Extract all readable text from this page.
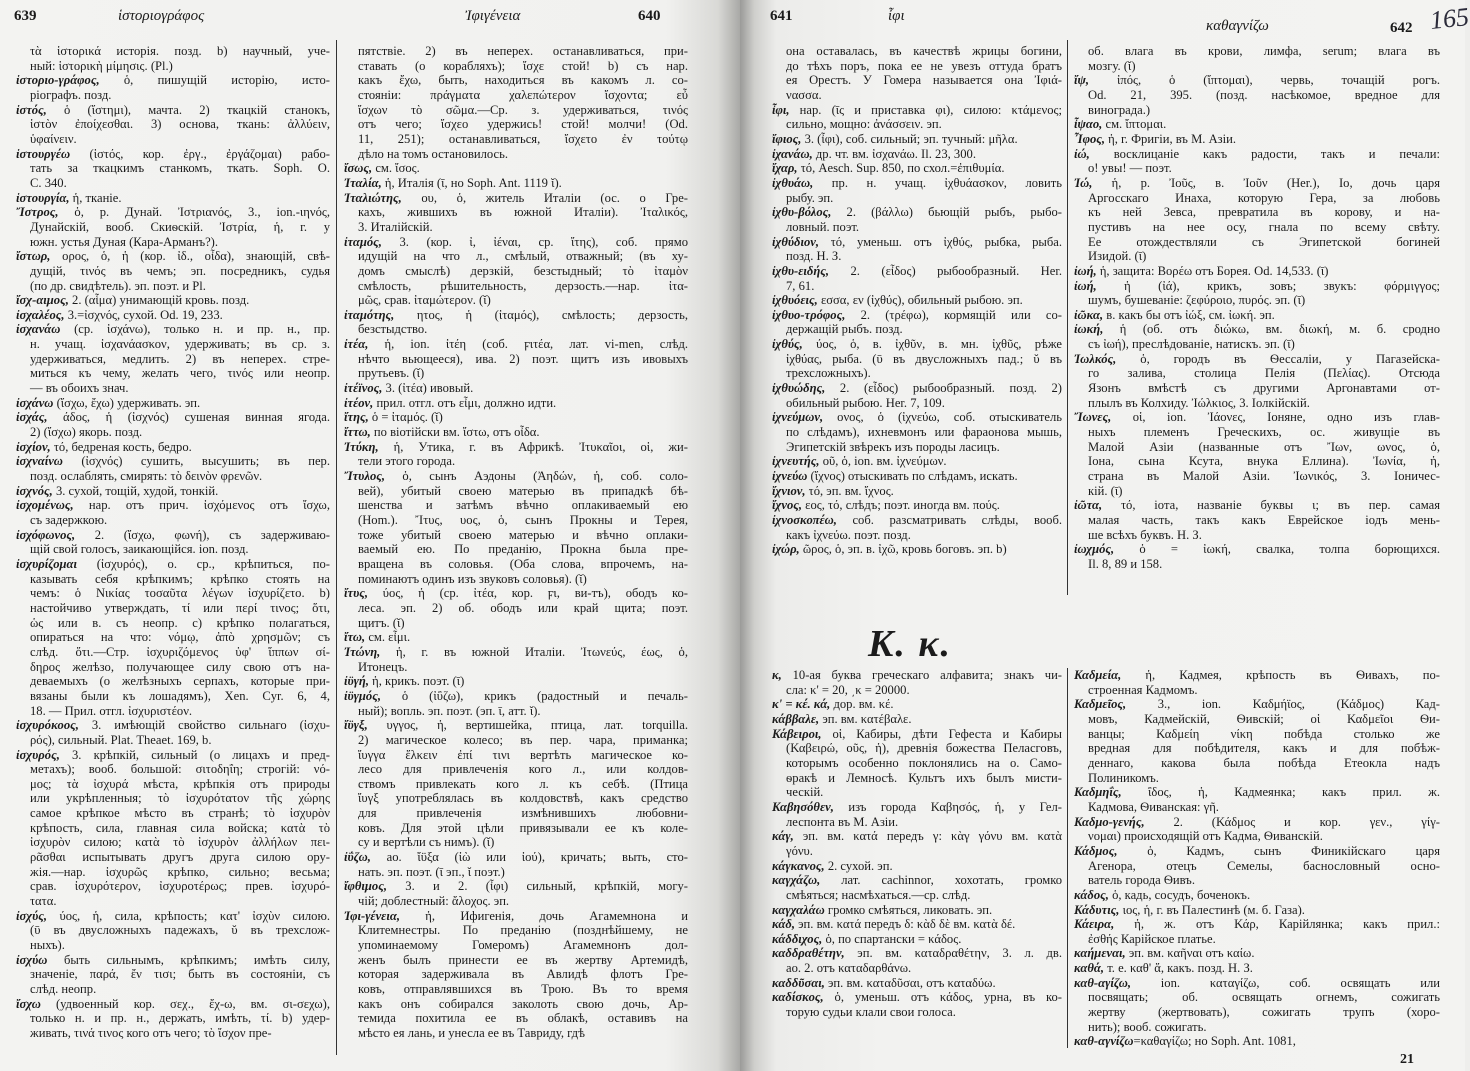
639	ἱστοριογράφος	Ἰφιγένεια	640	641	ἶφι
καθαγνίζω	642 165
τὰ ἱστορικά исторія. позд. b) научный, уче-
ный: ἱστορικὴ μίμησις. (Pl.)
ἱστοριο-γράφος, ὁ, пишущій исторію, исто-
ріографъ. позд.
ἱστός, ὁ (ἵστημι), мачта. 2) ткацкій станокъ,
ἱστὸν ἐποίχεσθαι. 3) основа, ткань: ἀλλύειν,
ὑφαίνειν.
ἱστουργέω (ἱστός, кор. ἐργ., ἐργάζομαι) рабо-
тать за ткацкимъ станкомъ, ткать. Soph. O.
C. 340.
ἱστουργία, ἡ, тканіе.
Ἴστρος, ὁ, р. Дунай. Ἰστριανός, 3., ion.-ιηνός,
Дунайскій, вооб. Скиѳскій. Ἰστρία, ἡ, г. у
южн. устья Дуная (Кара-Арманъ?).
ἴστωρ, ορος, ὁ, ἡ (кор. ἰδ., οἶδα), знающій, свѣ-
дущій, τινός въ чемъ; эп. посредникъ, судья
(по др. свидѣтель). эп. поэт. и Pl.
ἴσχ-αιμος, 2. (αἷμα) унимающій кровь. позд.
ἰσχαλέος, 3.=ἰσχνός, сухой. Od. 19, 233.
ἰσχανάω (ср. ἰσχάνω), только н. и пр. н., пр.
н. учащ. ἰσχανάασκον, удерживать; въ ср. з.
удерживаться, медлить. 2) въ неперех. стре-
миться къ чему, желать чего, τινός или неопр.
— въ обоихъ знач.
ἰσχάνω (ἴσχω, ἔχω) удерживать. эп.
ἰσχάς, άδος, ἡ (ἰσχνός) сушеная винная ягода.
2) (ἴσχω) якорь. позд.
ἰσχίον, τό, бедреная кость, бедро.
ἰσχναίνω (ἰσχνός) сушить, высушить; въ пер.
позд. ослаблять, смирять: τὸ δεινὸν φρενῶν.
ἰσχνός, 3. сухой, тощій, худой, тонкій.
ἰσχομένως, нар. отъ прич. ἰσχόμενος отъ ἴσχω,
съ задержкою.
ἰσχόφωνος, 2. (ἴσχω, φωνή), съ задерживаю-
щій свой голосъ, заикающійся. ion. позд.
ἰσχυρίζομαι (ἰσχυρός), о. ср., крѣпиться, по-
казывать себя крѣпкимъ; крѣпко стоять на
чемъ: ὁ Νικίας τοσαῦτα λέγων ἰσχυρίζετο. b)
настойчиво утверждать, τί или περί τινος; ὅτι,
ὡς или в. съ неопр. c) крѣпко полагаться,
опираться на что: νόμῳ, ἀπὸ χρησμῶν; съ
слѣд. ὅτι.—Стр. ἰσχυριζόμενος ὑφ' ἵππων σί-
δηρος желѣзо, получающее силу свою отъ на-
деваемыхъ (о желѣзныхъ серпахъ, которые при-
вязаны были къ лошадямъ), Xen. Cyr. 6, 4,
18. — Прил. отгл. ἰσχυριστέον.
ἰσχυρόκοος, 3. имѣющій свойство сильнаго (ἰσχυ-
ρός), сильный. Plat. Theaet. 169, b.
ἰσχυρός, 3. крѣпкій, сильный (о лицахъ и пред-
метахъ); вооб. большой: σιτοδηΐη; строгій: νό-
μος; τὰ ἰσχυρά мѣста, крѣпкія отъ природы
или укрѣпленныя; τὸ ἰσχυρότατον τῆς χώρης
самое крѣпкое мѣсто въ странѣ; τὸ ἰσχυρὸν
крѣпость, сила, главная сила войска; κατὰ τὸ
ἰσχυρὸν силою; κατὰ τὸ ἰσχυρὸν ἀλλήλων πει-
ρᾶσθαι испытывать другъ друга силою ору-
жія.—нар. ἰσχυρῶς крѣпко, сильно; весьма;
срав. ἰσχυρότερον, ἰσχυροτέρως; прев. ἰσχυρό-
τατα.
ἰσχύς, ύος, ἡ, сила, крѣпость; κατ' ἰσχὺν силою.
(ῡ въ двусложныхъ падежахъ, ῠ въ трехслож-
ныхъ).
ἰσχύω быть сильнымъ, крѣпкимъ; имѣть силу,
значеніе, παρά, ἔν τισι; быть въ состояніи, съ
слѣд. неопр.
ἴσχω (удвоенный кор. σεχ., ἔχ-ω, вм. σι-σεχω),
только н. и пр. н., держать, имѣть, τί. b) удер-
живать, τινά τινος кого отъ чего; τὸ ἴσχον пре-
пятствіе. 2) въ неперех. останавливаться, при-
ставать (о корабляхъ); ἴσχε стой! b) съ нар.
какъ ἔχω, быть, находиться въ какомъ л. со-
стояніи: πράγματα χαλεπώτερον ἴσχοντα; εὖ
ἴσχων τὸ σῶμα.—Ср. з. удерживаться, τινός
отъ чего; ἴσχεο удержись! стой! молчи! (Od.
11, 251); останавливаться, ἴσχετο ἐν τούτῳ
дѣло на томъ остановилось.
ἴσως, см. ἴσος.
Ἰταλία, ἡ, Италія (ῑ, но Soph. Ant. 1119 ῐ).
Ἰταλιώτης, ου, ὁ, житель Италіи (ос. о Гре-
кахъ, жившихъ въ южной Италіи). Ἰταλικός,
3. Италійскій.
ἰταμός, 3. (кор. ἰ, ἰέναι, ср. ἴτης), соб. прямо
идущій на что л., смѣлый, отважный; (въ ху-
домъ смыслѣ) дерзкій, безстыдный; τὸ ἰταμὸν
смѣлость, рѣшительность, дерзость.—нар. ἰτα-
μῶς, срав. ἰταμώτερον. (ῐ)
ἰταμότης, ητος, ἡ (ἰταμός), смѣлость; дерзость,
безстыдство.
ἰτέα, ἡ, ion. ἰτέη (соб. ϝιτέα, лат. vi-men, слѣд.
нѣчто вьющееся), ива. 2) поэт. щитъ изъ ивовыхъ
прутьевъ. (ῐ)
ἰτέϊνος, 3. (ἰτέα) ивовый.
ἰτέον, прил. отгл. отъ εἶμι, должно идти.
ἴτης, ὁ = ἰταμός. (ῐ)
ἴττω, по віотійски вм. ἴστω, отъ οἶδα.
Ἰτύκη, ἡ, Утика, г. въ Африкѣ. Ἰτυκαῖοι, οἱ, жи-
тели этого города.
Ἴτυλος, ὁ, сынъ Аэдоны (Ἀηδών, ἡ, соб. соло-
вей), убитый своею матерью въ припадкѣ бѣ-
шенства и затѣмъ вѣчно оплакиваемый ею
(Hom.). Ἴτυς, υος, ὁ, сынъ Прокны и Терея,
тоже убитый своею матерью и вѣчно оплаки-
ваемый ею. По преданію, Прокна была пре-
вращена въ соловья. (Оба слова, впрочемъ, на-
поминаютъ одинъ изъ звуковъ соловья). (ῐ)
ἴτυς, ύος, ἡ (ср. ἰτέα, кор. ϝι, ви-тъ), ободъ ко-
леса. эп. 2) об. ободъ или край щита; поэт.
щитъ. (ῐ)
ἴτω, см. εἶμι.
Ἰτώνη, ἡ, г. въ южной Италіи. Ἰτωνεύς, έως, ὁ,
Итонецъ.
ἰϋγή, ἡ, крикъ. поэт. (ῑ)
ἰϋγμός, ὁ (ἰΰζω), крикъ (радостный и печаль-
ный); вопль. эп. поэт. (эп. ῑ, атт. ῐ).
ἴϋγξ, υγγος, ἡ, вертишейка, птица, лат. torquilla.
2) магическое колесо; въ пер. чара, приманка;
ἴυγγα ἕλκειν ἐπί τινι вертѣть магическое ко-
лесо для привлеченія кого л., или колдов-
ствомъ привлекать кого л. къ себѣ. (Птица
ἴυγξ употреблялась въ колдовствѣ, какъ средство
для привлеченія измѣнившихъ любовни-
ковъ. Для этой цѣли привязывали ее къ коле-
су и вертѣли съ нимъ). (ῐ)
ἰΰζω, ао. ἴϋξα (ἰὼ или ἰού), кричать; выть, сто-
нать. эп. поэт. (ῑ эп., ῐ поэт.)
ἴφθιμος, 3. и 2. (ἶφι) сильный, крѣпкій, могу-
чій; доблестный: ἄλοχος. эп.
Ἰφι-γένεια, ἡ, Ифигенія, дочь Агамемнона и
Клитемнестры. По преданію (позднѣйшему, не
упоминаемому Гомеромъ) Агамемнонъ дол-
женъ былъ принести ее въ жертву Артемидѣ,
которая задерживала въ Авлидѣ флотъ Гре-
ковъ, отправлявшихся въ Трою. Въ то время
какъ онъ собирался заколоть свою дочь, Ар-
темида похитила ее въ облакѣ, оставивъ на
мѣсто ея лань, и унесла ее въ Тавриду, гдѣ
она оставалась, въ качествѣ жрицы богини,
до тѣхъ поръ, пока ее не увезъ оттуда братъ
ея Орестъ. У Гомера называется она Ἰφιά-
νασσα.
ἶφι, нар. (ῑς и приставка φι), силою: κτάμενος;
сильно, мощно: ἀνάσσειν. эп.
ἴφιος, 3. (ἶφι), соб. сильный; эп. тучный: μῆλα.
ἰχανάω, др. чт. вм. ἰσχανάω. Il. 23, 300.
ἴχαρ, τό, Aesch. Sup. 850, по схол.=ἐπιθυμία.
ἰχθυάω, пр. н. учащ. ἰχθυάασκον, ловить
рыбу. эп.
ἰχθυ-βόλος, 2. (βάλλω) бьющій рыбъ, рыбо-
ловный. поэт.
ἰχθύδιον, τό, уменьш. отъ ἰχθύς, рыбка, рыба.
позд. Н. З.
ἰχθυ-ειδής, 2. (εἶδος) рыбообразный. Her.
7, 61.
ἰχθυόεις, εσσα, εν (ἰχθύς), обильный рыбою. эп.
ἰχθυο-τρόφος, 2. (τρέφω), кормящій или со-
держащій рыбъ. позд.
ἰχθύς, ύος, ὁ, в. ἰχθῦν, в. мн. ἰχθῦς, рѣже
ἰχθύας, рыба. (ῡ въ двусложныхъ пад.; ῠ въ
трехсложныхъ).
ἰχθυώδης, 2. (εἶδος) рыбообразный. позд. 2)
обильный рыбою. Her. 7, 109.
ἰχνεύμων, ονος, ὁ (ἰχνεύω, соб. отыскиватель
по слѣдамъ), ихневмонъ или фараонова мышь,
Эгипетскій звѣрекъ изъ породы ласицъ.
ἰχνευτής, οῦ, ὁ, ion. вм. ἰχνεύμων.
ἰχνεύω (ἴχνος) отыскивать по слѣдамъ, искать.
ἴχνιον, τό, эп. вм. ἴχνος.
ἴχνος, εος, τό, слѣдъ; поэт. иногда вм. πούς.
ἰχνοσκοπέω, соб. разсматривать слѣды, вооб.
какъ ἰχνεύω. поэт. позд.
ἰχώρ, ῶρος, ὁ, эп. в. ἰχῶ, кровь боговъ. эп. b)
об. влага въ крови, лимфа, serum; влага въ
мозгу. (ῐ)
ἴψ, ἰπός, ὁ (ἴπτομαι), червь, точащій рогъ.
Od. 21, 395. (позд. насѣкомое, вредное для
винограда.)
ἶψαο, см. ἴπτομαι.
Ἶφος, ἡ, г. Фригіи, въ М. Азіи.
ἰώ, восклицаніе какъ радости, такъ и печали:
о! увы! — поэт.
Ἰώ, ἡ, р. Ἰοῦς, в. Ἰοῦν (Her.), Іо, дочь царя
Аргосскаго Инаха, которую Гера, за любовь
къ ней Зевса, превратила въ корову, и на-
пустивъ на нее осу, гнала по всему свѣту.
Ее отождествляли съ Эгипетской богиней
Изидой. (ῑ)
ἰωή, ἡ, защита: Βορέω отъ Борея. Od. 14,533. (ῑ)
ἰωή, ἡ (ἰά), крикъ, зовъ; звукъ: φόρμιγγος;
шумъ, бушеваніе: ζεφύροιο, πυρός. эп. (ῑ)
ἰῶκα, в. какъ бы отъ ἰώξ, см. ἰωκή. эп.
ἰωκή, ἡ (об. отъ διώκω, вм. διωκή, м. б. сродно
съ ἰωή), преслѣдованіе, натискъ. эп. (ῑ)
Ἰωλκός, ὁ, городъ въ Ѳессаліи, у Пагазейска-
го залива, столица Пелія (Πελίας). Отсюда
Язонъ вмѣстѣ съ другими Аргонавтами от-
плылъ въ Колхиду. Ἰώλκιος, 3. Іолкійскій.
Ἴωνες, οἱ, ion. Ἰάονες, Іоняне, одно изъ глав-
ныхъ племенъ Греческихъ, ос. живущіе въ
Малой Азіи (названные отъ Ἴων, ωνος, ὁ,
Іона, сына Ксута, внука Еллина). Ἰωνία, ἡ,
страна въ Малой Азіи. Ἰωνικός, 3. Іоничес-
кій. (ῑ)
ἰῶτα, τό, іота, названіе буквы ι; въ пер. самая
малая часть, такъ какъ Еврейское іодъ мень-
ше всѣхъ буквъ. Н. З.
ἰωχμός, ὁ = ἰωκή, свалка, толпа борющихся.
Il. 8, 89 и 158.
κ, 10-ая буква греческаго алфавита; знакъ чи-
сла: κ' = 20, ͵κ = 20000.
κ' = κέ. κά, дор. вм. κέ.
κάββαλε, эп. вм. κατέβαλε.
Κάβειροι, οἱ, Кабиры, дѣти Гефеста и Кабиры
(Καβειρώ, οῦς, ἡ), древнія божества Пеласговъ,
которымъ особенно поклонялись на о. Само-
ѳракѣ и Лемносѣ. Культъ ихъ былъ мисти-
ческій.
Καβησόθεν, изъ города Καβησός, ἡ, у Гел-
леспонта въ М. Азіи.
κάγ, эп. вм. κατά передъ γ: κὰγ γόνυ вм. κατὰ
γόνυ.
κάγκανος, 2. сухой. эп.
καγχάζω, лат. cachinnor, хохотать, громко
смѣяться; насмѣхаться.—ср. слѣд.
καγχαλάω громко смѣяться, ликовать. эп.
κάδ, эп. вм. κατά передъ δ: κὰδ δὲ вм. κατὰ δέ.
κάδδιχος, ὁ, по спартански = κάδος.
καδδραθέτην, эп. вм. καταδραθέτην, 3. л. дв.
ао. 2. отъ καταδαρθάνω.
καδδῦσαι, эп. вм. καταδῦσαι, отъ καταδύω.
καδίσκος, ὁ, уменьш. отъ κάδος, урна, въ ко-
торую судьи клали свои голоса.
Καδμεία, ἡ, Кадмея, крѣпость въ Ѳивахъ, по-
строенная Кадмомъ.
Καδμεῖος, 3., ion. Καδμήϊος, (Κάδμος) Кад-
мовъ, Кадмейскій, Ѳивскій; οἱ Καδμεῖοι Ѳи-
ванцы; Καδμείη νίκη побѣда столько же
вредная для побѣдителя, какъ и для побѣж-
деннаго, какова была побѣда Етеокла надъ
Полиникомъ.
Καδμηΐς, ΐδος, ἡ, Кадмеянка; какъ прил. ж.
Кадмова, Ѳиванская: γῆ.
Καδμο-γενής, 2. (Κάδμος и кор. γεν., γίγ-
νομαι) происходящій отъ Кадма, Ѳиванскій.
Κάδμος, ὁ, Кадмъ, сынъ Финикійскаго царя
Агенора, отецъ Семелы, баснословный осно-
ватель города Ѳивъ.
κάδος, ὁ, кадь, сосудъ, боченокъ.
Κάδυτις, ιος, ἡ, г. въ Палестинѣ (м. б. Газа).
Κάειρα, ἡ, ж. отъ Κάρ, Карійлянка; какъ прил.:
ἐσθής Карійское платье.
καήμεναι, эп. вм. καῆναι отъ καίω.
καθά, т. е. καθ' ἅ, какъ. позд. Н. З.
καθ-αγίζω, ion. καταγίζω, соб. освящать или
посвящать; об. освящать огнемъ, сожигать
жертву (жертвовать), сожигать трупъ (хоро-
нить); вооб. сожигать.
καθ-αγνίζω=καθαγίζω; но Soph. Ant. 1081,
Κ. κ.
21
